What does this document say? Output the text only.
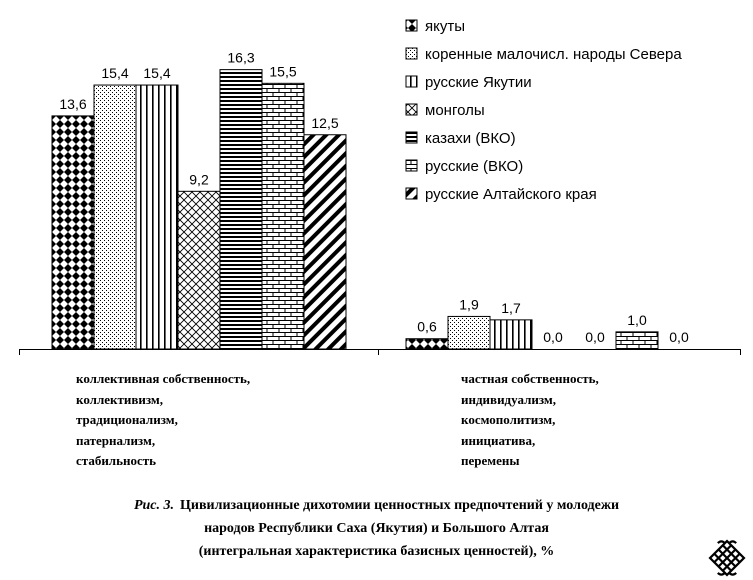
13,6
0,6
15,4
1,9
15,4
1,7
9,2
0,0
16,3
0,0
15,5
1,0
12,5
0,0
якуты
коренные малочисл. народы Севера
русские Якутии
монголы
казахи (ВКО)
русские (ВКО)
русские Алтайского края
коллективная собственность,
коллективизм,
традиционализм,
патернализм,
стабильность
частная собственность,
индивидуализм,
космополитизм,
инициатива,
перемены
Рис. 3. Цивилизационные дихотомии ценностных предпочтений у молодежи
народов Республики Саха (Якутия) и Большого Алтая
(интегральная характеристика базисных ценностей), %
